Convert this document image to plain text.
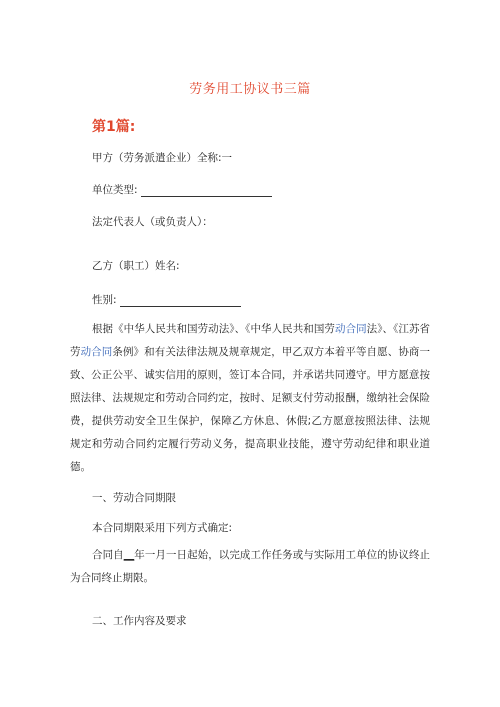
劳务用工协议书三篇
第1篇:
甲方（劳务派遣企业）全称:一
单位类型:
法定代表人（或负责人）：
乙方（职工）姓名:
性别:
根据《中华人民共和国劳动法》、《中华人民共和国劳动合同法》、《江苏省劳动合同条例》和有关法律法规及规章规定，甲乙双方本着平等自愿、协商一致、公正公平、诚实信用的原则，签订本合同，并承诺共同遵守。甲方愿意按照法律、法规规定和劳动合同约定，按时、足额支付劳动报酬，缴纳社会保险费，提供劳动安全卫生保护，保障乙方休息、休假;乙方愿意按照法律、法规规定和劳动合同约定履行劳动义务，提高职业技能，遵守劳动纪律和职业道德。
一、劳动合同期限
本合同期限采用下列方式确定:
合同自__年一月一日起始，以完成工作任务或与实际用工单位的协议终止为合同终止期限。
二、工作内容及要求
